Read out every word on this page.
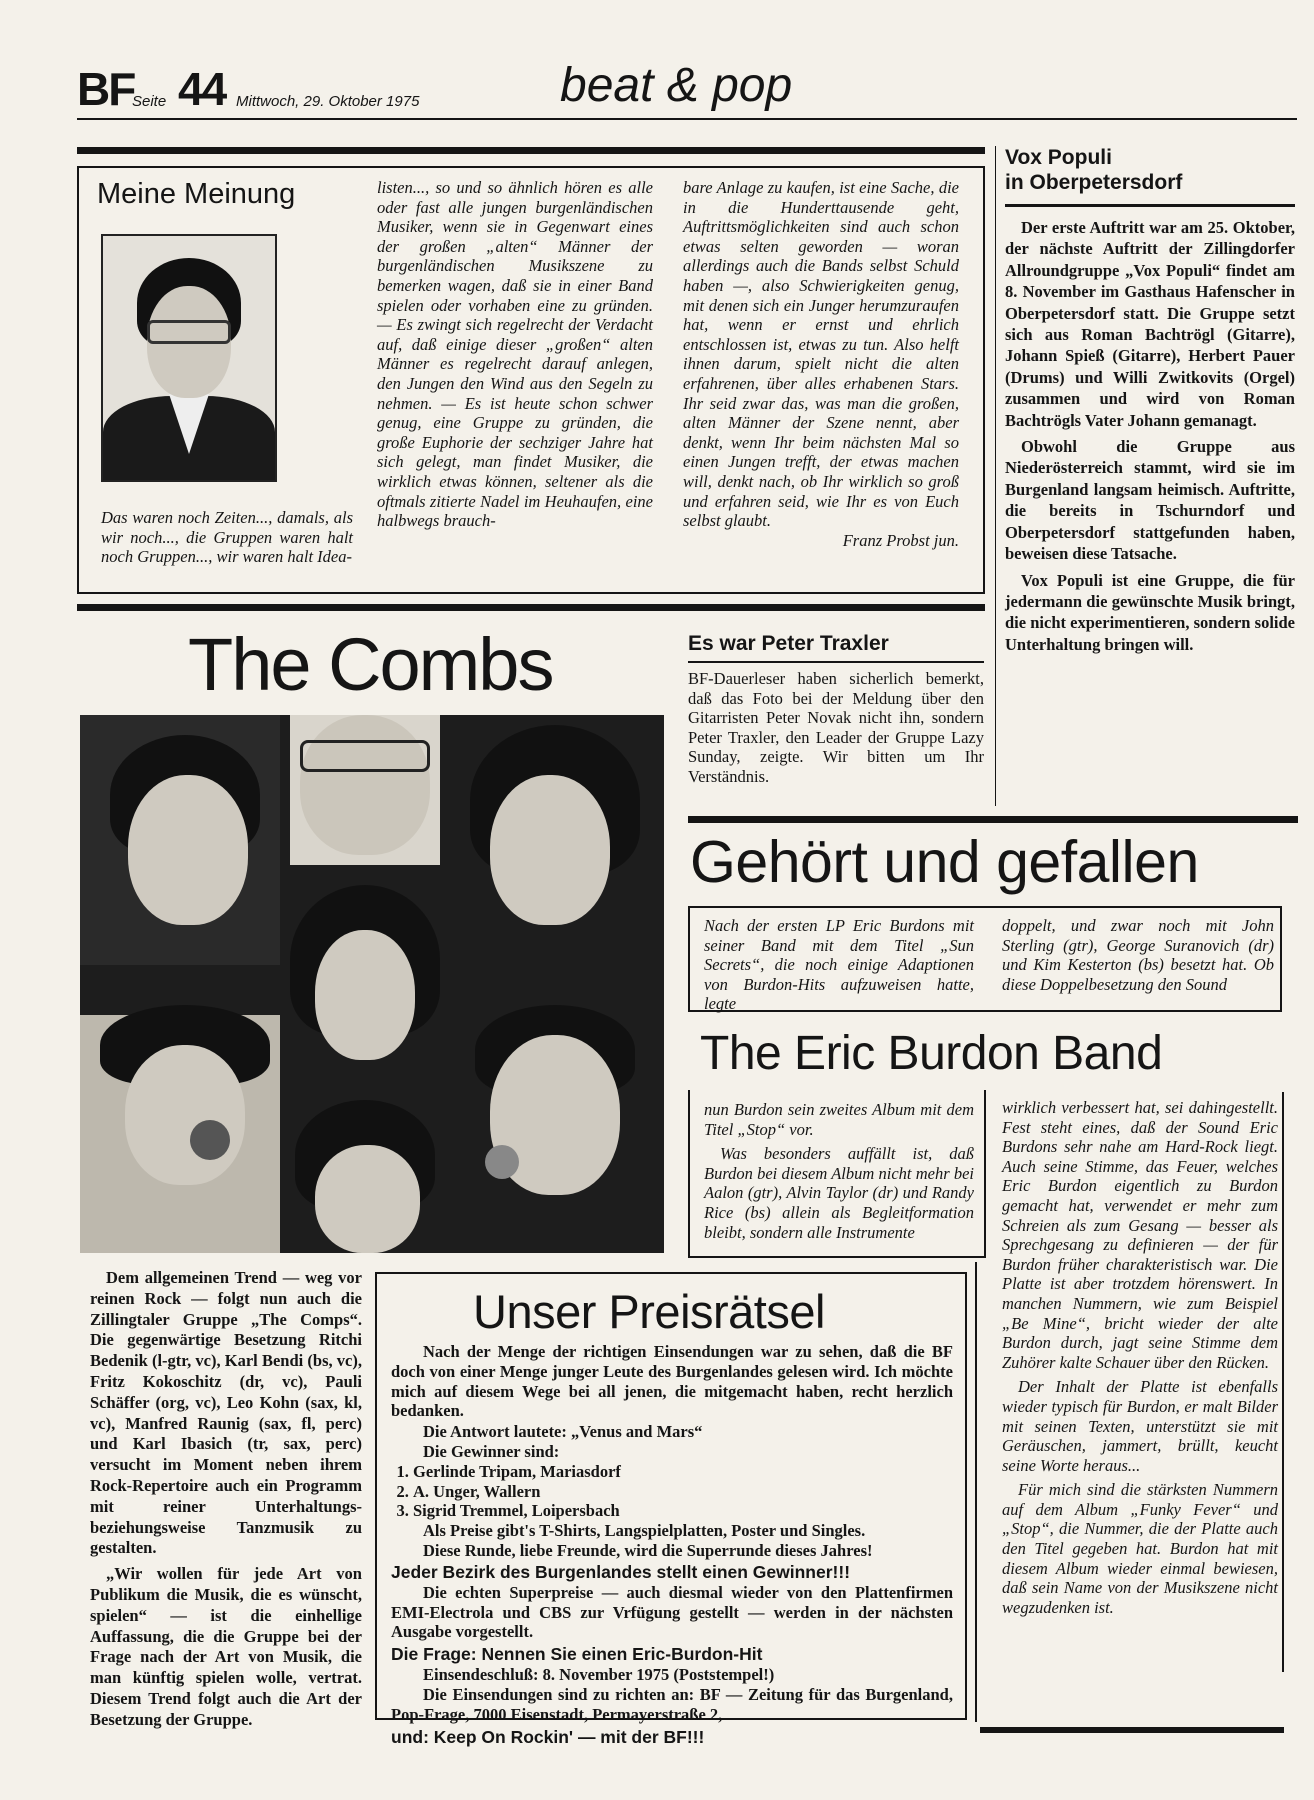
BF
Seite 44 Mittwoch, 29. Oktober 1975	beat & pop
Meine Meinung
Das waren noch Zeiten..., damals, als wir noch..., die Gruppen waren halt noch Gruppen..., wir waren halt Idea-
listen..., so und so ähnlich hören es alle oder fast alle jungen burgenländischen Musiker, wenn sie in Gegenwart eines der großen „alten“ Männer der burgenländischen Musikszene zu bemerken wagen, daß sie in einer Band spielen oder vorhaben eine zu gründen. — Es zwingt sich regelrecht der Verdacht auf, daß einige dieser „großen“ alten Männer es regelrecht darauf anlegen, den Jungen den Wind aus den Segeln zu nehmen. — Es ist heute schon schwer genug, eine Gruppe zu gründen, die große Euphorie der sechziger Jahre hat sich gelegt, man findet Musiker, die wirklich etwas können, seltener als die oftmals zitierte Nadel im Heuhaufen, eine halbwegs brauch-
bare Anlage zu kaufen, ist eine Sache, die in die Hunderttausende geht, Auftrittsmöglichkeiten sind auch schon etwas selten geworden — woran allerdings auch die Bands selbst Schuld haben —, also Schwierigkeiten genug, mit denen sich ein Junger herumzuraufen hat, wenn er ernst und ehrlich entschlossen ist, etwas zu tun. Also helft ihnen darum, spielt nicht die alten erfahrenen, über alles erhabenen Stars. Ihr seid zwar das, was man die großen, alten Männer der Szene nennt, aber denkt, wenn Ihr beim nächsten Mal so einen Jungen trefft, der etwas machen will, denkt nach, ob Ihr wirklich so groß und erfahren seid, wie Ihr es von Euch selbst glaubt.
Franz Probst jun.
Vox Populi
in Oberpetersdorf

Der erste Auftritt war am 25. Oktober, der nächste Auftritt der Zillingdorfer Allroundgruppe „Vox Populi“ findet am 8. November im Gasthaus Hafenscher in Oberpetersdorf statt. Die Gruppe setzt sich aus Roman Bachtrögl (Gitarre), Johann Spieß (Gitarre), Herbert Pauer (Drums) und Willi Zwitkovits (Orgel) zusammen und wird von Roman Bachtrögls Vater Johann gemanagt.

Obwohl die Gruppe aus Niederösterreich stammt, wird sie im Burgenland langsam heimisch. Auftritte, die bereits in Tschurndorf und Oberpetersdorf stattgefunden haben, beweisen diese Tatsache.

Vox Populi ist eine Gruppe, die für jedermann die gewünschte Musik bringt, die nicht experimentieren, sondern solide Unterhaltung bringen will.

The Combs

Dem allgemeinen Trend — weg vor reinen Rock — folgt nun auch die Zillingtaler Gruppe „The Comps“. Die gegenwärtige Besetzung Ritchi Bedenik (l-gtr, vc), Karl Bendi (bs, vc), Fritz Kokoschitz (dr, vc), Pauli Schäffer (org, vc), Leo Kohn (sax, kl, vc), Manfred Raunig (sax, fl, perc) und Karl Ibasich (tr, sax, perc) versucht im Moment neben ihrem Rock-Repertoire auch ein Programm mit reiner Unterhaltungs- beziehungsweise Tanzmusik zu gestalten.

„Wir wollen für jede Art von Publikum die Musik, die es wünscht, spielen“ — ist die einhellige Auffassung, die die Gruppe bei der Frage nach der Art von Musik, die man künftig spielen wolle, vertrat. Diesem Trend folgt auch die Art der Besetzung der Gruppe.

Es war Peter Traxler
BF-Dauerleser haben sicherlich bemerkt, daß das Foto bei der Meldung über den Gitarristen Peter Novak nicht ihn, sondern Peter Traxler, den Leader der Gruppe Lazy Sunday, zeigte. Wir bitten um Ihr Verständnis.
Gehört und gefallen
Nach der ersten LP Eric Burdons mit seiner Band mit dem Titel „Sun Secrets“, die noch einige Adaptionen von Burdon-Hits aufzuweisen hatte, legte
doppelt, und zwar noch mit John Sterling (gtr), George Suranovich (dr) und Kim Kesterton (bs) besetzt hat. Ob diese Doppelbesetzung den Sound
The Eric Burdon Band

nun Burdon sein zweites Album mit dem Titel „Stop“ vor.

Was besonders auffällt ist, daß Burdon bei diesem Album nicht mehr bei Aalon (gtr), Alvin Taylor (dr) und Randy Rice (bs) allein als Begleitformation bleibt, sondern alle Instrumente

wirklich verbessert hat, sei dahingestellt. Fest steht eines, daß der Sound Eric Burdons sehr nahe am Hard-Rock liegt. Auch seine Stimme, das Feuer, welches Eric Burdon eigentlich zu Burdon gemacht hat, verwendet er mehr zum Schreien als zum Gesang — besser als Sprechgesang zu definieren — der für Burdon früher charakteristisch war. Die Platte ist aber trotzdem hörenswert. In manchen Nummern, wie zum Beispiel „Be Mine“, bricht wieder der alte Burdon durch, jagt seine Stimme dem Zuhörer kalte Schauer über den Rücken.

Der Inhalt der Platte ist ebenfalls wieder typisch für Burdon, er malt Bilder mit seinen Texten, unterstützt sie mit Geräuschen, jammert, brüllt, keucht seine Worte heraus...

Für mich sind die stärksten Nummern auf dem Album „Funky Fever“ und „Stop“, die Nummer, die der Platte auch den Titel gegeben hat. Burdon hat mit diesem Album wieder einmal bewiesen, daß sein Name von der Musikszene nicht wegzudenken ist.

Unser Preisrätsel

Nach der Menge der richtigen Einsendungen war zu sehen, daß die BF doch von einer Menge junger Leute des Burgenlandes gelesen wird. Ich möchte mich auf diesem Wege bei all jenen, die mitgemacht haben, recht herzlich bedanken.

Die Antwort lautete: „Venus and Mars“
Die Gewinner sind:
1. Gerlinde Tripam, Mariasdorf
2. A. Unger, Wallern
3. Sigrid Tremmel, Loipersbach
Als Preise gibt's T-Shirts, Langspielplatten, Poster und Singles.
Diese Runde, liebe Freunde, wird die Superrunde dieses Jahres!
Jeder Bezirk des Burgenlandes stellt einen Gewinner!!!

Die echten Superpreise — auch diesmal wieder von den Plattenfirmen EMI-Electrola und CBS zur Vrfügung gestellt — werden in der nächsten Ausgabe vorgestellt.

Die Frage: Nennen Sie einen Eric-Burdon-Hit
Einsendeschluß: 8. November 1975 (Poststempel!)

Die Einsendungen sind zu richten an: BF — Zeitung für das Burgenland, Pop-Frage, 7000 Eisenstadt, Permayerstraße 2,

und: Keep On Rockin' — mit der BF!!!
